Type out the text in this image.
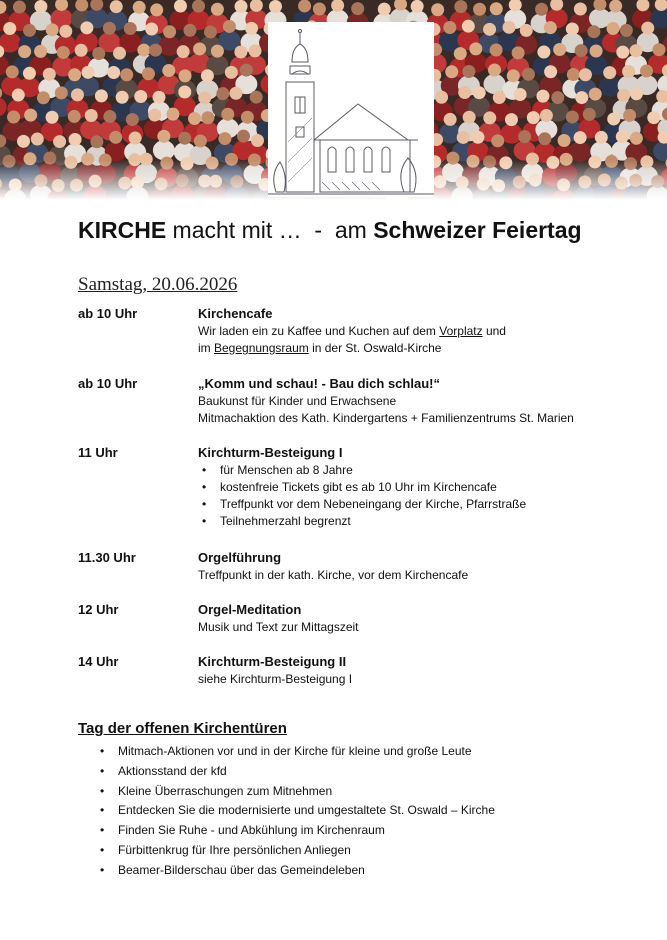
KIRCHE macht mit …  -  am Schweizer Feiertag
Samstag, 20.06.2026
ab 10 Uhr	Kirchencafe
Wir laden ein zu Kaffee und Kuchen auf dem Vorplatz und
im Begegnungsraum in der St. Oswald-Kirche
ab 10 Uhr	„Komm und schau! - Bau dich schlau!“
Baukunst für Kinder und Erwachsene
Mitmachaktion des Kath. Kindergartens + Familienzentrums St. Marien
11 Uhr	Kirchturm-Besteigung I
• für Menschen ab 8 Jahre
• kostenfreie Tickets gibt es ab 10 Uhr im Kirchencafe
• Treffpunkt vor dem Nebeneingang der Kirche, Pfarrstraße
• Teilnehmerzahl begrenzt
11.30 Uhr	Orgelführung
Treffpunkt in der kath. Kirche, vor dem Kirchencafe
12 Uhr	Orgel-Meditation
Musik und Text zur Mittagszeit
14 Uhr	Kirchturm-Besteigung II
siehe Kirchturm-Besteigung I
Tag der offenen Kirchentüren
• Mitmach-Aktionen vor und in der Kirche für kleine und große Leute
• Aktionsstand der kfd
• Kleine Überraschungen zum Mitnehmen
• Entdecken Sie die modernisierte und umgestaltete St. Oswald – Kirche
• Finden Sie Ruhe - und Abkühlung im Kirchenraum
• Fürbittenkrug für Ihre persönlichen Anliegen
• Beamer-Bilderschau über das Gemeindeleben
